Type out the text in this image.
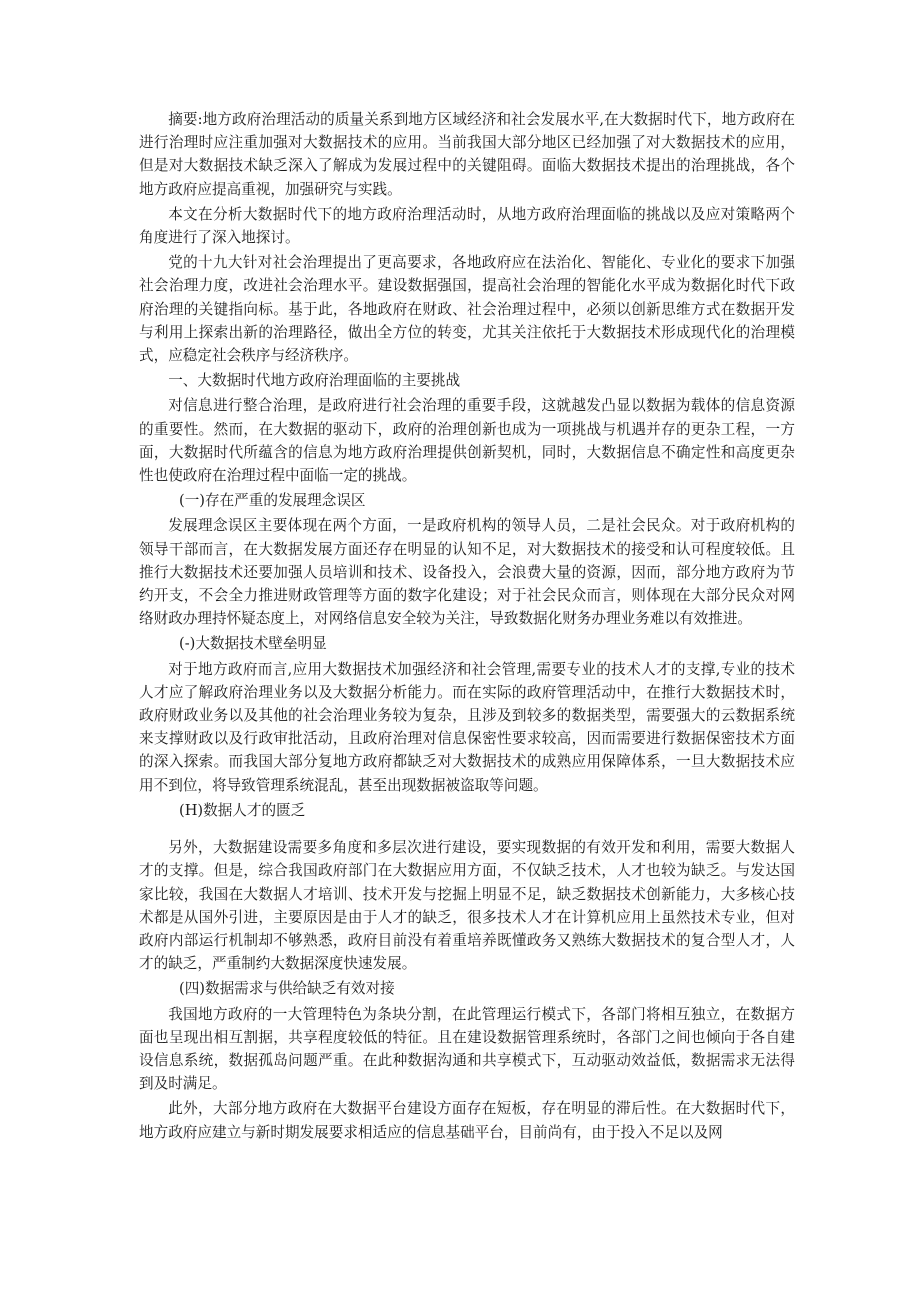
摘要:地方政府治理活动的质量关系到地方区域经济和社会发展水平,在大数据时代下，地方政府在进行治理时应注重加强对大数据技术的应用。当前我国大部分地区已经加强了对大数据技术的应用，但是对大数据技术缺乏深入了解成为发展过程中的关键阻碍。面临大数据技术提出的治理挑战，各个地方政府应提高重视，加强研究与实践。

本文在分析大数据时代下的地方政府治理活动时，从地方政府治理面临的挑战以及应对策略两个角度进行了深入地探讨。

党的十九大针对社会治理提出了更高要求，各地政府应在法治化、智能化、专业化的要求下加强社会治理力度，改进社会治理水平。建设数据强国，提高社会治理的智能化水平成为数据化时代下政府治理的关键指向标。基于此，各地政府在财政、社会治理过程中，必须以创新思维方式在数据开发与利用上探索出新的治理路径，做出全方位的转变，尤其关注依托于大数据技术形成现代化的治理模式，应稳定社会秩序与经济秩序。

一、大数据时代地方政府治理面临的主要挑战

对信息进行整合治理，是政府进行社会治理的重要手段，这就越发凸显以数据为载体的信息资源的重要性。然而，在大数据的驱动下，政府的治理创新也成为一项挑战与机遇并存的更杂工程，一方面，大数据时代所蕴含的信息为地方政府治理提供创新契机，同时，大数据信息不确定性和高度更杂性也使政府在治理过程中面临一定的挑战。

(一)存在严重的发展理念误区

发展理念误区主要体现在两个方面，一是政府机构的领导人员，二是社会民众。对于政府机构的领导干部而言，在大数据发展方面还存在明显的认知不足，对大数据技术的接受和认可程度较低。且推行大数据技术还要加强人员培训和技术、设备投入，会浪费大量的资源，因而，部分地方政府为节约开支，不会全力推进财政管理等方面的数字化建设；对于社会民众而言，则体现在大部分民众对网络财政办理持怀疑态度上，对网络信息安全较为关注，导致数据化财务办理业务难以有效推进。

(-)大数据技术壁垒明显

对于地方政府而言,应用大数据技术加强经济和社会管理,需要专业的技术人才的支撑,专业的技术人才应了解政府治理业务以及大数据分析能力。而在实际的政府管理活动中，在推行大数据技术时，政府财政业务以及其他的社会治理业务较为复杂，且涉及到较多的数据类型，需要强大的云数据系统来支撑财政以及行政审批活动，且政府治理对信息保密性要求较高，因而需要进行数据保密技术方面的深入探索。而我国大部分复地方政府都缺乏对大数据技术的成熟应用保障体系，一旦大数据技术应用不到位，将导致管理系统混乱，甚至出现数据被盗取等问题。

(H)数据人才的匮乏

另外，大数据建设需要多角度和多层次进行建设，要实现数据的有效开发和利用，需要大数据人才的支撑。但是，综合我国政府部门在大数据应用方面，不仅缺乏技术，人才也较为缺乏。与发达国家比较，我国在大数据人才培训、技术开发与挖掘上明显不足，缺乏数据技术创新能力，大多核心技术都是从国外引进，主要原因是由于人才的缺乏，很多技术人才在计算机应用上虽然技术专业，但对政府内部运行机制却不够熟悉，政府目前没有着重培养既懂政务又熟练大数据技术的复合型人才，人才的缺乏，严重制约大数据深度快速发展。

(四)数据需求与供给缺乏有效对接

我国地方政府的一大管理特色为条块分割，在此管理运行模式下，各部门将相互独立，在数据方面也呈现出相互割据，共享程度较低的特征。且在建设数据管理系统时，各部门之间也倾向于各自建设信息系统，数据孤岛问题严重。在此种数据沟通和共享模式下，互动驱动效益低，数据需求无法得到及时满足。

此外，大部分地方政府在大数据平台建设方面存在短板，存在明显的滞后性。在大数据时代下，地方政府应建立与新时期发展要求相适应的信息基础平台，目前尚有，由于投入不足以及网
